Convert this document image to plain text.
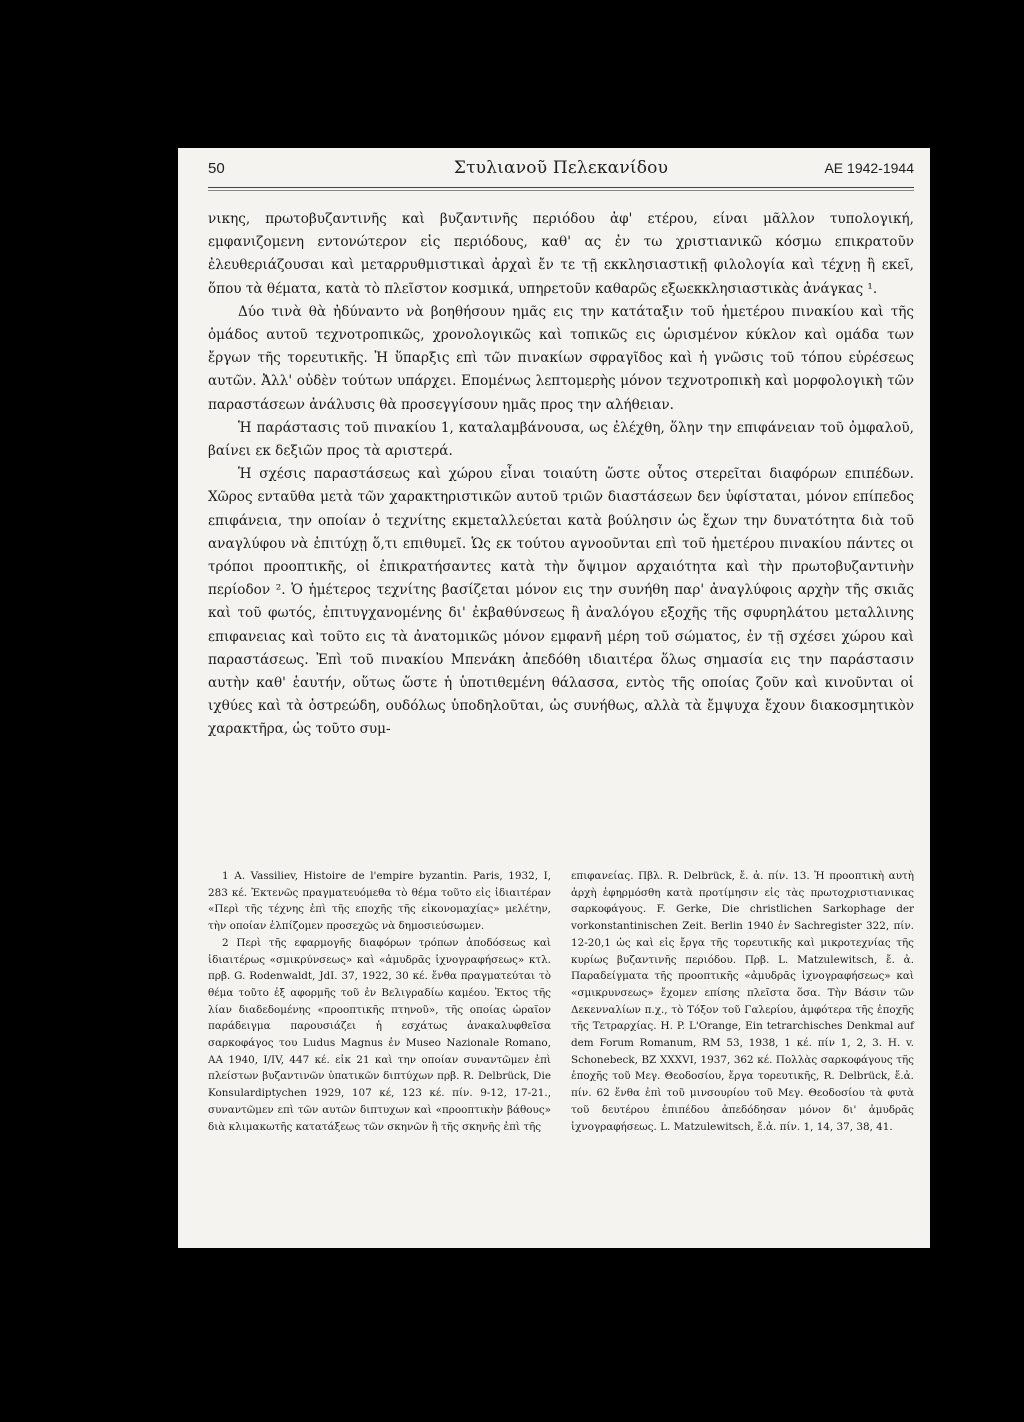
50	Στυλιανοῦ Πελεκανίδου	ΑΕ 1942-1944

νικης, πρωτοβυζαντινῆς καὶ βυζαντινῆς περιόδου ἀφ' ετέρου, είναι μᾶλλον τυπολογική, εμφανιζομενη εντονώτερον εἰς περιόδους, καθ' ας ἐν τω χριστιανικῶ κόσμω επικρατοῦν ἐλευθεριάζουσαι καὶ μεταρρυθμιστικαὶ ἀρχαὶ ἔν τε τῇ εκκλησιαστικῇ φιλολογία καὶ τέχνῃ ἢ εκεῖ, ὅπου τὰ θέματα, κατὰ τὸ πλεῖστον κοσμικά, υπηρετοῦν καθαρῶς εξωεκκλησιαστικὰς ἀνάγκας ¹.

Δύο τινὰ θὰ ἠδύναντο νὰ βοηθήσουν ημᾶς εις την κατάταξιν τοῦ ἡμετέρου πινακίου καὶ τῆς ὁμάδος αυτοῦ τεχνοτροπικῶς, χρονολογικῶς καὶ τοπικῶς εις ὡρισμένον κύκλον καὶ ομάδα των ἔργων τῆς τορευτικῆς. Ἡ ὕπαρξις επὶ τῶν πινακίων σφραγῖδος καὶ ἡ γνῶσις τοῦ τόπου εὑρέσεως αυτῶν. Ἀλλ' οὐδὲν τούτων υπάρχει. Επομένως λεπτομερὴς μόνον τεχνοτροπικὴ καὶ μορφολογικὴ τῶν παραστάσεων ἀνάλυσις θὰ προσεγγίσουν ημᾶς προς την αλήθειαν.

Ἡ παράστασις τοῦ πινακίου 1, καταλαμβάνουσα, ως ἐλέχθη, ὅλην την επιφάνειαν τοῦ ὀμφαλοῦ, βαίνει εκ δεξιῶν προς τὰ αριστερά.

Ἡ σχέσις παραστάσεως καὶ χώρου εἶναι τοιαύτη ὥστε οὗτος στερεῖται διαφόρων επιπέδων. Χῶρος ενταῦθα μετὰ τῶν χαρακτηριστικῶν αυτοῦ τριῶν διαστάσεων δεν ὑφίσταται, μόνον επίπεδος επιφάνεια, την οποίαν ὁ τεχνίτης εκμεταλλεύεται κατὰ βούλησιν ὡς ἔχων την δυνατότητα διὰ τοῦ αναγλύφου νὰ ἐπιτύχῃ ὅ,τι επιθυμεῖ. Ὡς εκ τούτου αγνοοῦνται επὶ τοῦ ἡμετέρου πινακίου πάντες οι τρόποι προοπτικῆς, οἱ ἐπικρατήσαντες κατὰ τὴν ὄψιμον αρχαιότητα καὶ τὴν πρωτοβυζαντινὴν περίοδον ². Ὁ ἡμέτερος τεχνίτης βασίζεται μόνον εις την συνήθη παρ' ἀναγλύφοις αρχὴν τῆς σκιᾶς καὶ τοῦ φωτός, ἐπιτυγχανομένης δι' ἐκβαθύνσεως ἢ ἀναλόγου εξοχῆς τῆς σφυρηλάτου μεταλλινης επιφανειας καὶ τοῦτο εις τὰ ἀνατομικῶς μόνον εμφανῆ μέρη τοῦ σώματος, ἐν τῇ σχέσει χώρου καὶ παραστάσεως. Ἐπὶ τοῦ πινακίου Μπενάκη ἀπεδόθη ιδιαιτέρα ὅλως σημασία εις την παράστασιν αυτὴν καθ' ἑαυτήν, οὕτως ὥστε ἡ ὑποτιθεμένη θάλασσα, εντὸς τῆς οποίας ζοῦν καὶ κινοῦνται οἱ ιχθύες καὶ τὰ ὀστρεώδη, ουδόλως ὑποδηλοῦται, ὡς συνήθως, αλλὰ τὰ ἔμψυχα ἔχουν διακοσμητικὸν χαρακτῆρα, ὡς τοῦτο συμ-

1 A. Vassiliev, Histoire de l'empire byzantin. Paris, 1932, I, 283 κέ. Ἐκτενῶς πραγματευόμεθα τὸ θέμα τοῦτο εἰς ἰδιαιτέραν «Περὶ τῆς τέχνης ἐπὶ τῆς εποχῆς τῆς εἰκονομαχίας» μελέτην, τὴν οποίαν ἐλπίζομεν προσεχῶς νὰ δημοσιεύσωμεν.

2 Περὶ τῆς εφαρμογῆς διαφόρων τρόπων ἀποδόσεως καὶ ἰδιαιτέρως «σμικρύνσεως» καὶ «ἀμυδρᾶς ἰχνογραφήσεως» κτλ. πρβ. G. Rodenwaldt, JdI. 37, 1922, 30 κέ. ἔνθα πραγματεύται τὸ θέμα τοῦτο ἐξ αφορμῆς τοῦ ἐν Βελιγραδίω καμέου. Ἐκτος τῆς λίαν διαδεδομένης «προοπτικῆς πτηνοῦ», τῆς οποίας ὡραῖον παράδειγμα παρουσιάζει ἡ εσχάτως ἀνακαλυφθεῖσα σαρκοφάγος του Ludus Magnus ἐν Museo Nazionale Romano, AA 1940, I/IV, 447 κέ. εἰκ 21 καὶ την οποίαν συναντῶμεν ἐπὶ πλείστων βυζαντινῶν ὑπατικῶν διπτύχων πρβ. R. Delbrück, Die Konsulardiptychen 1929, 107 κέ, 123 κέ. πίν. 9-12, 17-21., συναντῶμεν επὶ τῶν αυτῶν διπτυχων καὶ «προοπτικὴν βάθους» διὰ κλιμακωτῆς κατατάξεως τῶν σκηνῶν ἢ τῆς σκηνῆς ἐπὶ τῆς

επιφανείας. Πβλ. R. Delbrück, ἔ. ἀ. πίν. 13. Ἡ προοπτικὴ αυτὴ ἀρχὴ ἐφηρμόσθη κατὰ προτίμησιν εἰς τὰς πρωτοχριστιανικας σαρκοφάγους. F. Gerke, Die christlichen Sarkophage der vorkonstantinischen Zeit. Berlin 1940 ἐν Sachregister 322, πίν. 12-20,1 ὡς καὶ εἰς ἔργα τῆς τορευτικῆς καὶ μικροτεχνίας τῆς κυρίως βυζαντινῆς περιόδου. Πρβ. L. Matzulewitsch, ἔ. ἀ. Παραδείγματα τῆς προοπτικῆς «ἀμυδρᾶς ἰχνογραφήσεως» καὶ «σμικρυνσεως» ἔχομεν επίσης πλεῖστα ὅσα. Τὴν Βάσιν τῶν Δεκενναλίων π.χ., τὸ Τόξον τοῦ Γαλερίου, ἀμφότερα τῆς ἐποχῆς τῆς Τετραρχίας. H. P. L'Orange, Ein tetrarchisches Denkmal auf dem Forum Romanum, RM 53, 1938, 1 κέ. πίν 1, 2, 3. H. v. Schonebeck, BZ XXXVI, 1937, 362 κέ. Πολλὰς σαρκοφάγους τῆς ἐποχῆς τοῦ Μεγ. Θεοδοσίου, ἔργα τορευτικῆς, R. Delbrück, ἔ.ἀ. πίν. 62 ἔνθα ἐπὶ τοῦ μινσουρίου τοῦ Μεγ. Θεοδοσίου τὰ φυτὰ τοῦ δευτέρου ἐπιπέδου ἀπεδόδησαν μόνον δι' ἀμυδρᾶς ἰχνογραφήσεως. L. Matzulewitsch, ἔ.ἀ. πίν. 1, 14, 37, 38, 41.
